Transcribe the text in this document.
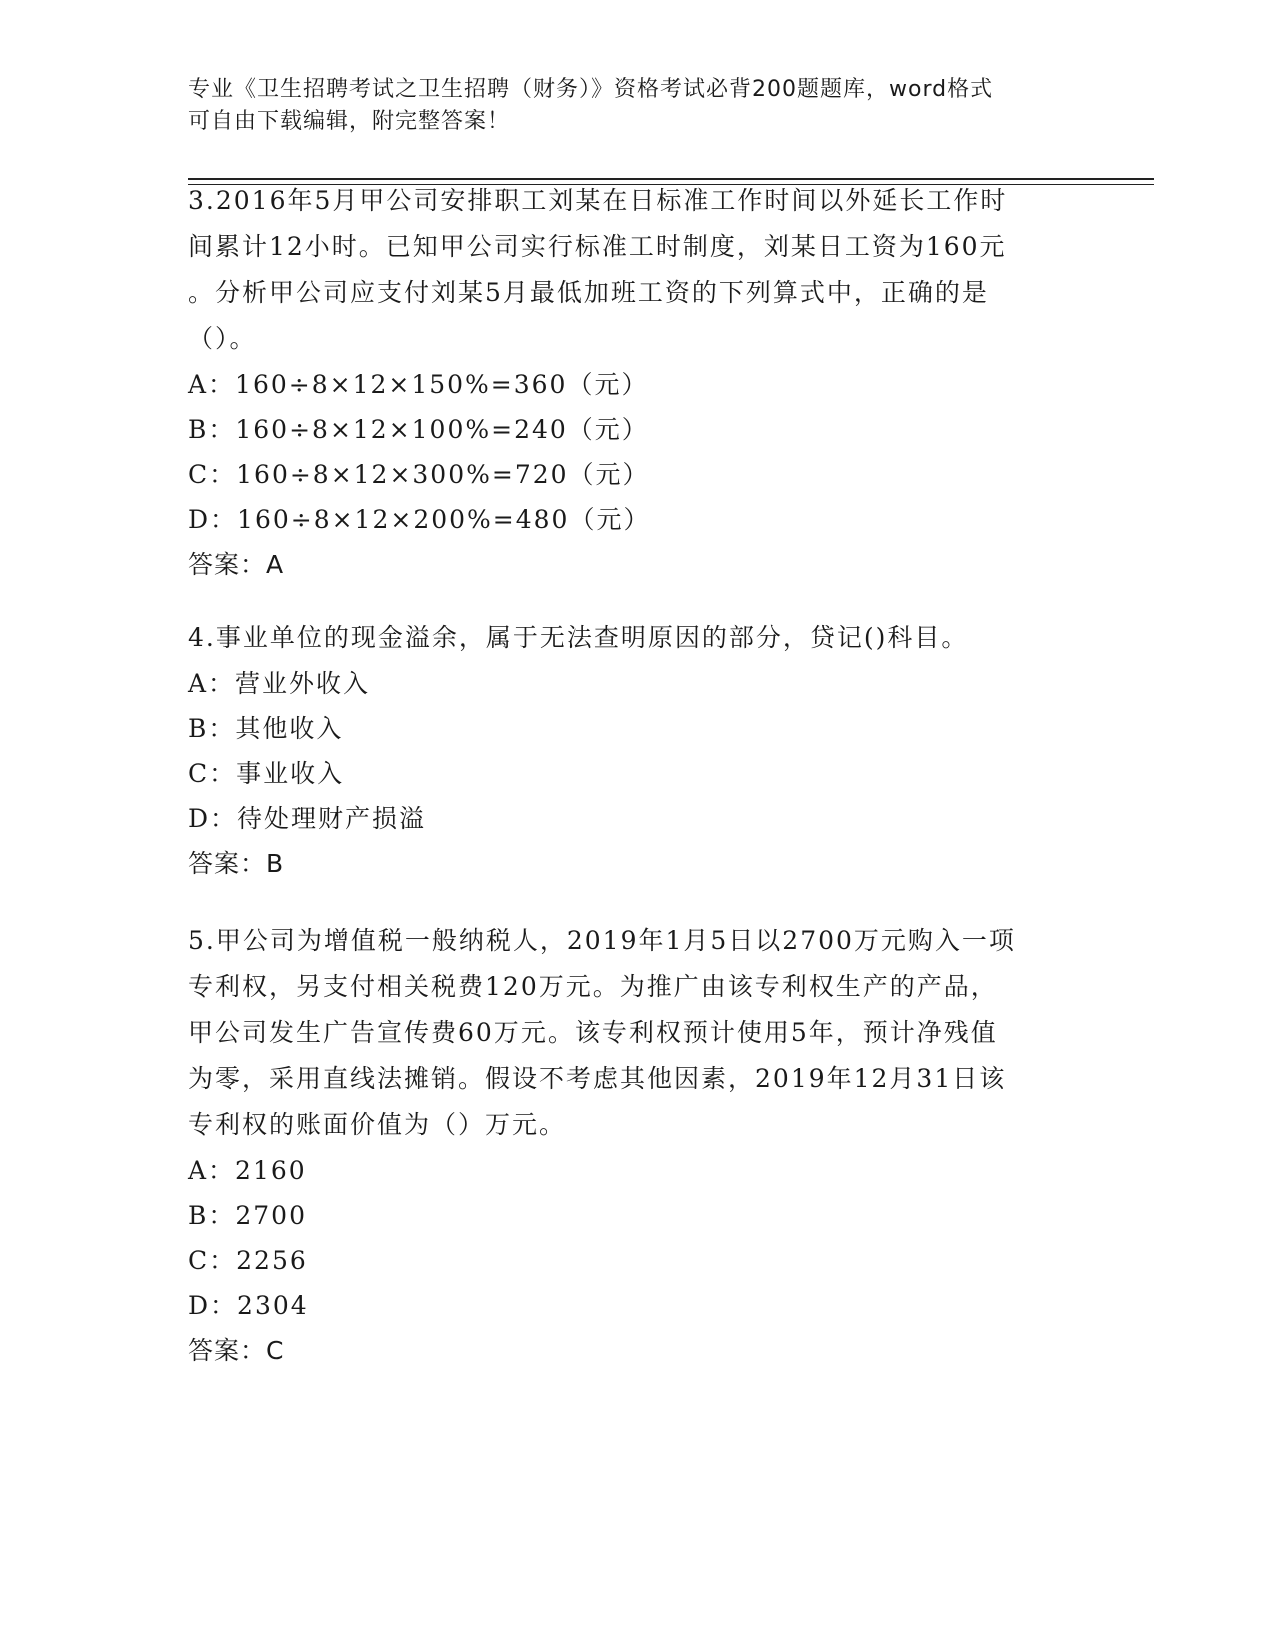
专业《卫生招聘考试之卫生招聘（财务）》资格考试必背200题题库，word格式
可自由下载编辑，附完整答案！
3.2016年5月甲公司安排职工刘某在日标准工作时间以外延长工作时
间累计12小时。已知甲公司实行标准工时制度，刘某日工资为160元
。分析甲公司应支付刘某5月最低加班工资的下列算式中，正确的是
（）。
A：160÷8×12×150%=360（元）
B：160÷8×12×100%=240（元）
C：160÷8×12×300%=720（元）
D：160÷8×12×200%=480（元）
答案：A
4.事业单位的现金溢余，属于无法查明原因的部分，贷记()科目。
A：营业外收入
B：其他收入
C：事业收入
D：待处理财产损溢
答案：B
5.甲公司为增值税一般纳税人，2019年1月5日以2700万元购入一项
专利权，另支付相关税费120万元。为推广由该专利权生产的产品，
甲公司发生广告宣传费60万元。该专利权预计使用5年，预计净残值
为零，采用直线法摊销。假设不考虑其他因素，2019年12月31日该
专利权的账面价值为（）万元。
A：2160
B：2700
C：2256
D：2304
答案：C
